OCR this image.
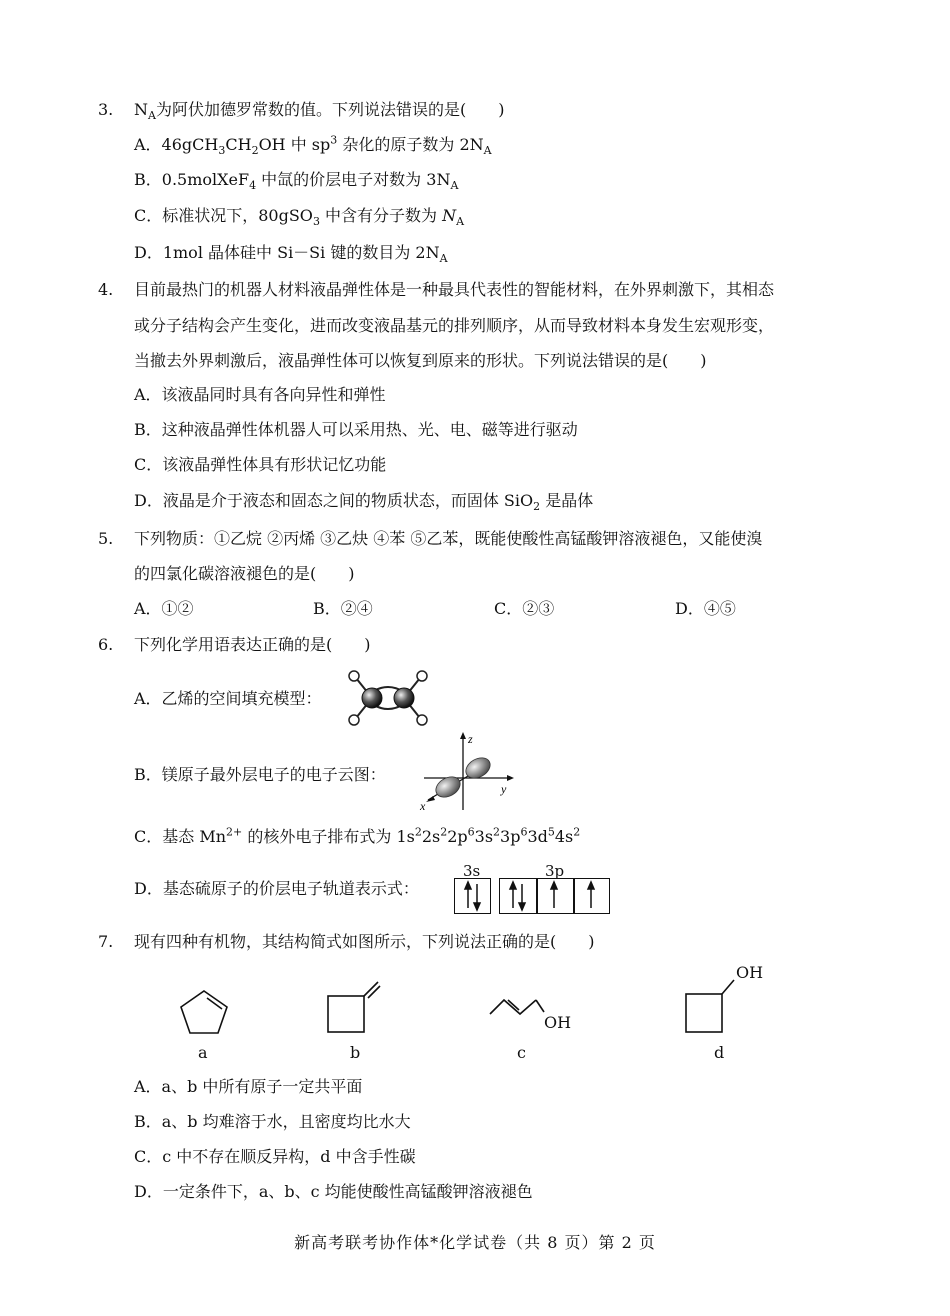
3. $N_A$为阿伏加德罗常数的值。下列说法错误的是(　　)
A．$46gCH_3CH_2OH$ 中 $sp^3$ 杂化的原子数为 $2N_A$
B．0.5molXeF$_4$ 中氙的价层电子对数为 $3N_A$
C．标准状况下，80gSO$_3$ 中含有分子数为 $N_A$
D．1mol 晶体硅中 Si－Si 键的数目为 $2N_A$
4. 目前最热门的机器人材料液晶弹性体是一种最具代表性的智能材料，在外界刺激下，其相态
或分子结构会产生变化，进而改变液晶基元的排列顺序，从而导致材料本身发生宏观形变，
当撤去外界刺激后，液晶弹性体可以恢复到原来的形状。下列说法错误的是(　　)
A．该液晶同时具有各向异性和弹性
B．这种液晶弹性体机器人可以采用热、光、电、磁等进行驱动
C．该液晶弹性体具有形状记忆功能
D．液晶是介于液态和固态之间的物质状态，而固体 SiO$_2$ 是晶体
5. 下列物质：①乙烷 ②丙烯 ③乙炔 ④苯 ⑤乙苯，既能使酸性高锰酸钾溶液褪色，又能使溴
的四氯化碳溶液褪色的是(　　)
A．①②	B．②④	C．②③	D．④⑤
6. 下列化学用语表达正确的是(　　)
A．乙烯的空间填充模型：
B．镁原子最外层电子的电子云图：
z
y
x
C．基态 $Mn^{2+}$ 的核外电子排布式为 $1s^22s^22p^63s^23p^63d^54s^2$
D．基态硫原子的价层电子轨道表示式：
3s	3p
7. 现有四种有机物，其结构简式如图所示，下列说法正确的是(　　)
a	b
OH
c
OH
d
A．a、b 中所有原子一定共平面
B．a、b 均难溶于水，且密度均比水大
C．c 中不存在顺反异构，d 中含手性碳
D．一定条件下，a、b、c 均能使酸性高锰酸钾溶液褪色
新高考联考协作体*化学试卷（共 8 页）第 2 页
